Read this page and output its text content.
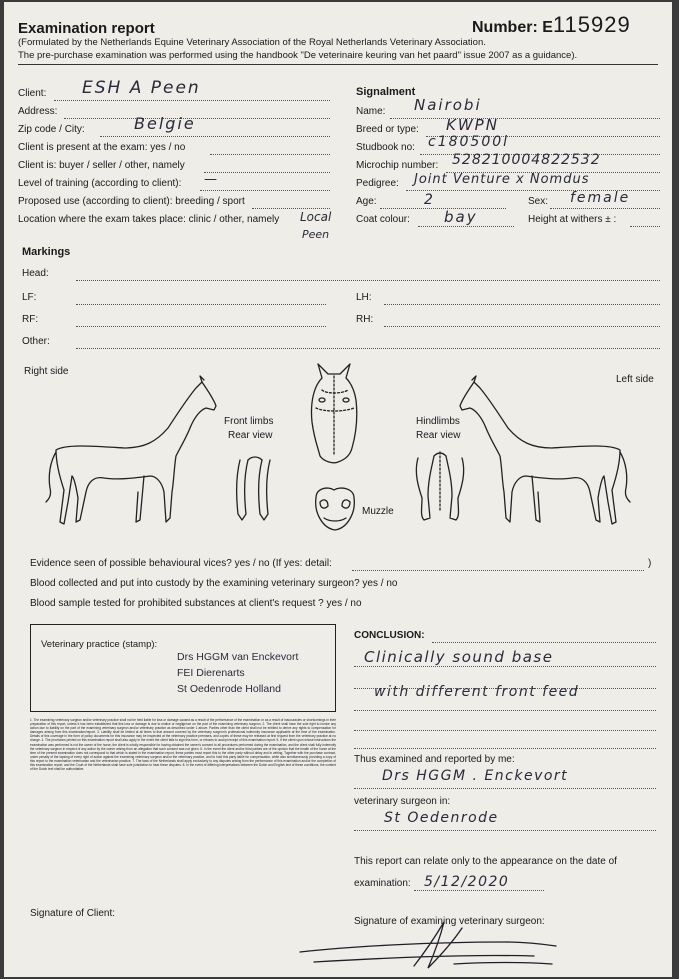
Examination report	Number: E115929
(Formulated by the Netherlands Equine Veterinary Association of the Royal Netherlands Veterinary Association.
The pre-purchase examination was performed using the handbook "De veterinaire keuring van het paard" issue 2007 as a guidance).
Client: ESH A Peen
Address:
Zip code / City:	Belgie
Client is present at the exam: yes / no
Client is: buyer / seller / other, namely
Level of training (according to client): —
Proposed use (according to client): breeding / sport
Location where the exam takes place: clinic / other, namely Local
Peen
Signalment
Name: Nairobi
Breed or type: KWPN
Studbook no: c180500l
Microchip number: 528210004822532
Pedigree: Joint Venture x Nomdus
Age:	2	Sex: female
Coat colour: bay	Height at withers ± :
Markings
Head:
LF:	LH:
RF:	RH:
Other:
Right side
Left side
Front limbs
Rear view
Hindlimbs
Rear view
Muzzle
Evidence seen of possible behavioural vices? yes / no (If yes: detail:	)
Blood collected and put into custody by the examining veterinary surgeon? yes / no
Blood sample tested for prohibited substances at client's request ? yes / no
Veterinary practice (stamp):
Drs HGGM van Enckevort
FEI Dierenarts
St Oedenrode Holland
1. The examining veterinary surgeon and/or veterinary practice shall not be held liable for loss or damage caused as a result of the performance of the examination or as a result of inaccuracies or shortcomings in their preparation of this report, unless it has been established that this loss or damage is due to malice or negligence on the part of the examining veterinary surgeon. 2. The client shall have the sole right to invoke any action due to liability on the part of the examining veterinary surgeon and/or veterinary practice as described under 1 above. Parties other than the client shall not be entitled to derive any rights to compensation for damages arising from this examination/report. 3. Liability shall be limited at all times to that amount covered by the veterinary surgeon's professional indemnity insurance applicable at the time of the examination. Details of this coverage in the form of policy documents for this insurance may be inspected at the veterinary practice premises, and copies of these may be released at first request from the veterinary practice at no charge. 4. The provisions printed on this examination report shall also apply in the event the client fails to sign this form, or refuses to accept receipt of this examination report. 5. If the client upon whose instructions the examination was performed is not the owner of the horse, the client is wholly responsible for having obtained the owner's consent to all procedures performed during the examination, and the client shall fully indemnify the veterinary surgeon in respect of any action by the owner arising from an allegation that such consent was not given. 6. In the event the client and/or third parties are of the opinion that the health of the horse at the time of the present examination does not correspond to that which is stated in the examination report, these parties must report this to the other party without delay and in writing. Together with the purchase contract, under penalty of the lapsing of every right of action against the examining veterinary surgeon and/or the veterinary practice, and to hold this party liable for compensation, while also simultaneously providing a copy of this report to the examination veterinarian and the veterinarian practice. 7. The laws of the Netherlands shall apply exclusively to any disputes arising from the performance of this examination and/or the completion of this examination report, and the Court of the Netherlands shall have sole jurisdiction to hear these disputes. 8. In the event of differing interpretations between the Dutch and English text of these conditions, the content of the Dutch text shall be authoritative.
CONCLUSION:
Clinically sound base
with different front feed
Thus examined and reported by me:
Drs HGGM . Enckevort
veterinary surgeon in:
St Oedenrode
This report can relate only to the appearance on the date of
examination: 5/12/2020
Signature of Client:
Signature of examining veterinary surgeon:
